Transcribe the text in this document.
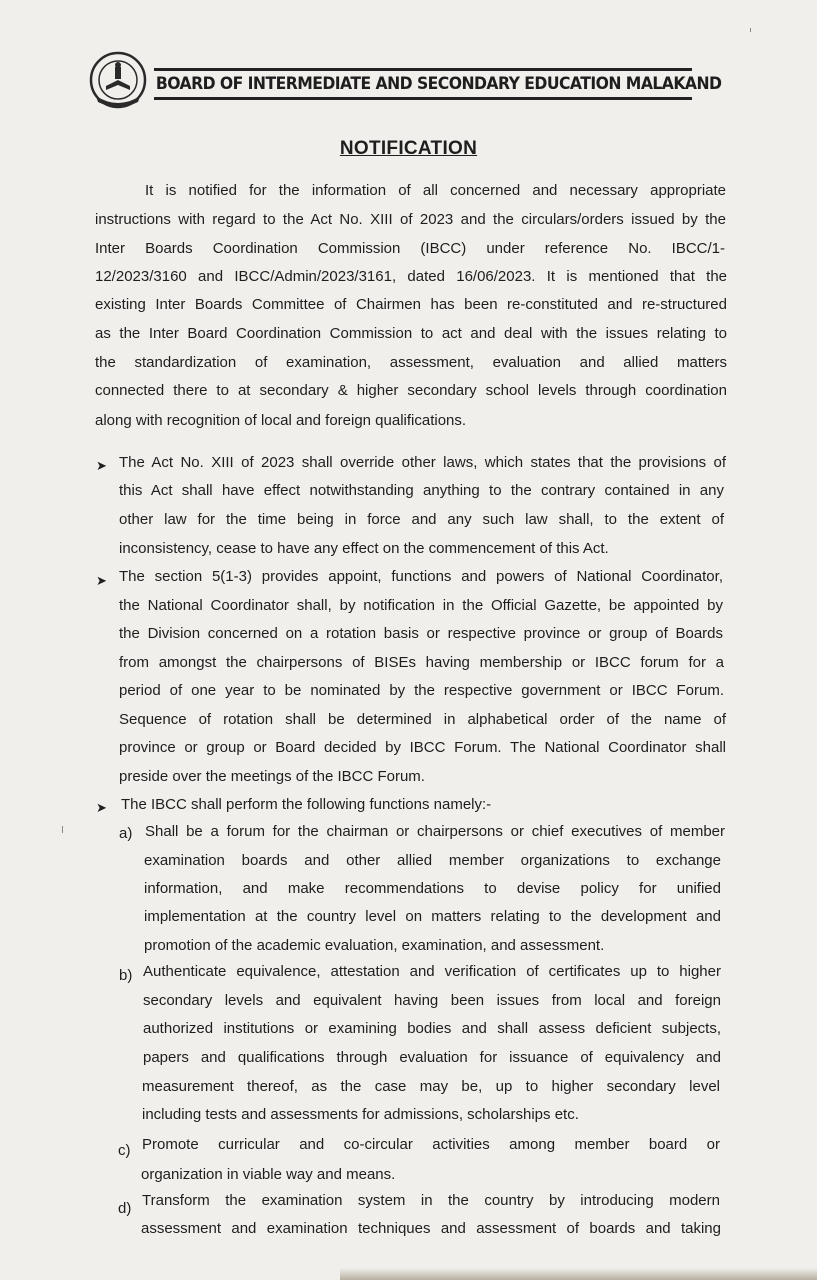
BOARD OF INTERMEDIATE AND SECONDARY EDUCATION MALAKAND
NOTIFICATION
It is notified for the information of all concerned and necessary appropriate
instructions with regard to the Act No. XIII of 2023 and the circulars/orders issued by the
Inter Boards Coordination Commission (IBCC) under reference No. IBCC/1-
12/2023/3160 and IBCC/Admin/2023/3161, dated 16/06/2023. It is mentioned that the
existing Inter Boards Committee of Chairmen has been re-constituted and re-structured
as the Inter Board Coordination Commission to act and deal with the issues relating to
the standardization of examination, assessment, evaluation and allied matters
connected there to at secondary & higher secondary school levels through coordination
along with recognition of local and foreign qualifications.
➤ The Act No. XIII of 2023 shall override other laws, which states that the provisions of
this Act shall have effect notwithstanding anything to the contrary contained in any
other law for the time being in force and any such law shall, to the extent of
inconsistency, cease to have any effect on the commencement of this Act.
➤ The section 5(1-3) provides appoint, functions and powers of National Coordinator,
the National Coordinator shall, by notification in the Official Gazette, be appointed by
the Division concerned on a rotation basis or respective province or group of Boards
from amongst the chairpersons of BISEs having membership or IBCC forum for a
period of one year to be nominated by the respective government or IBCC Forum.
Sequence of rotation shall be determined in alphabetical order of the name of
province or group or Board decided by IBCC Forum. The National Coordinator shall
preside over the meetings of the IBCC Forum.
➤ The IBCC shall perform the following functions namely:-
a) Shall be a forum for the chairman or chairpersons or chief executives of member
examination boards and other allied member organizations to exchange
information, and make recommendations to devise policy for unified
implementation at the country level on matters relating to the development and
promotion of the academic evaluation, examination, and assessment.
b) Authenticate equivalence, attestation and verification of certificates up to higher
secondary levels and equivalent having been issues from local and foreign
authorized institutions or examining bodies and shall assess deficient subjects,
papers and qualifications through evaluation for issuance of equivalency and
measurement thereof, as the case may be, up to higher secondary level
including tests and assessments for admissions, scholarships etc.
c) Promote curricular and co-circular activities among member board or
organization in viable way and means.
d) Transform the examination system in the country by introducing modern
assessment and examination techniques and assessment of boards and taking
